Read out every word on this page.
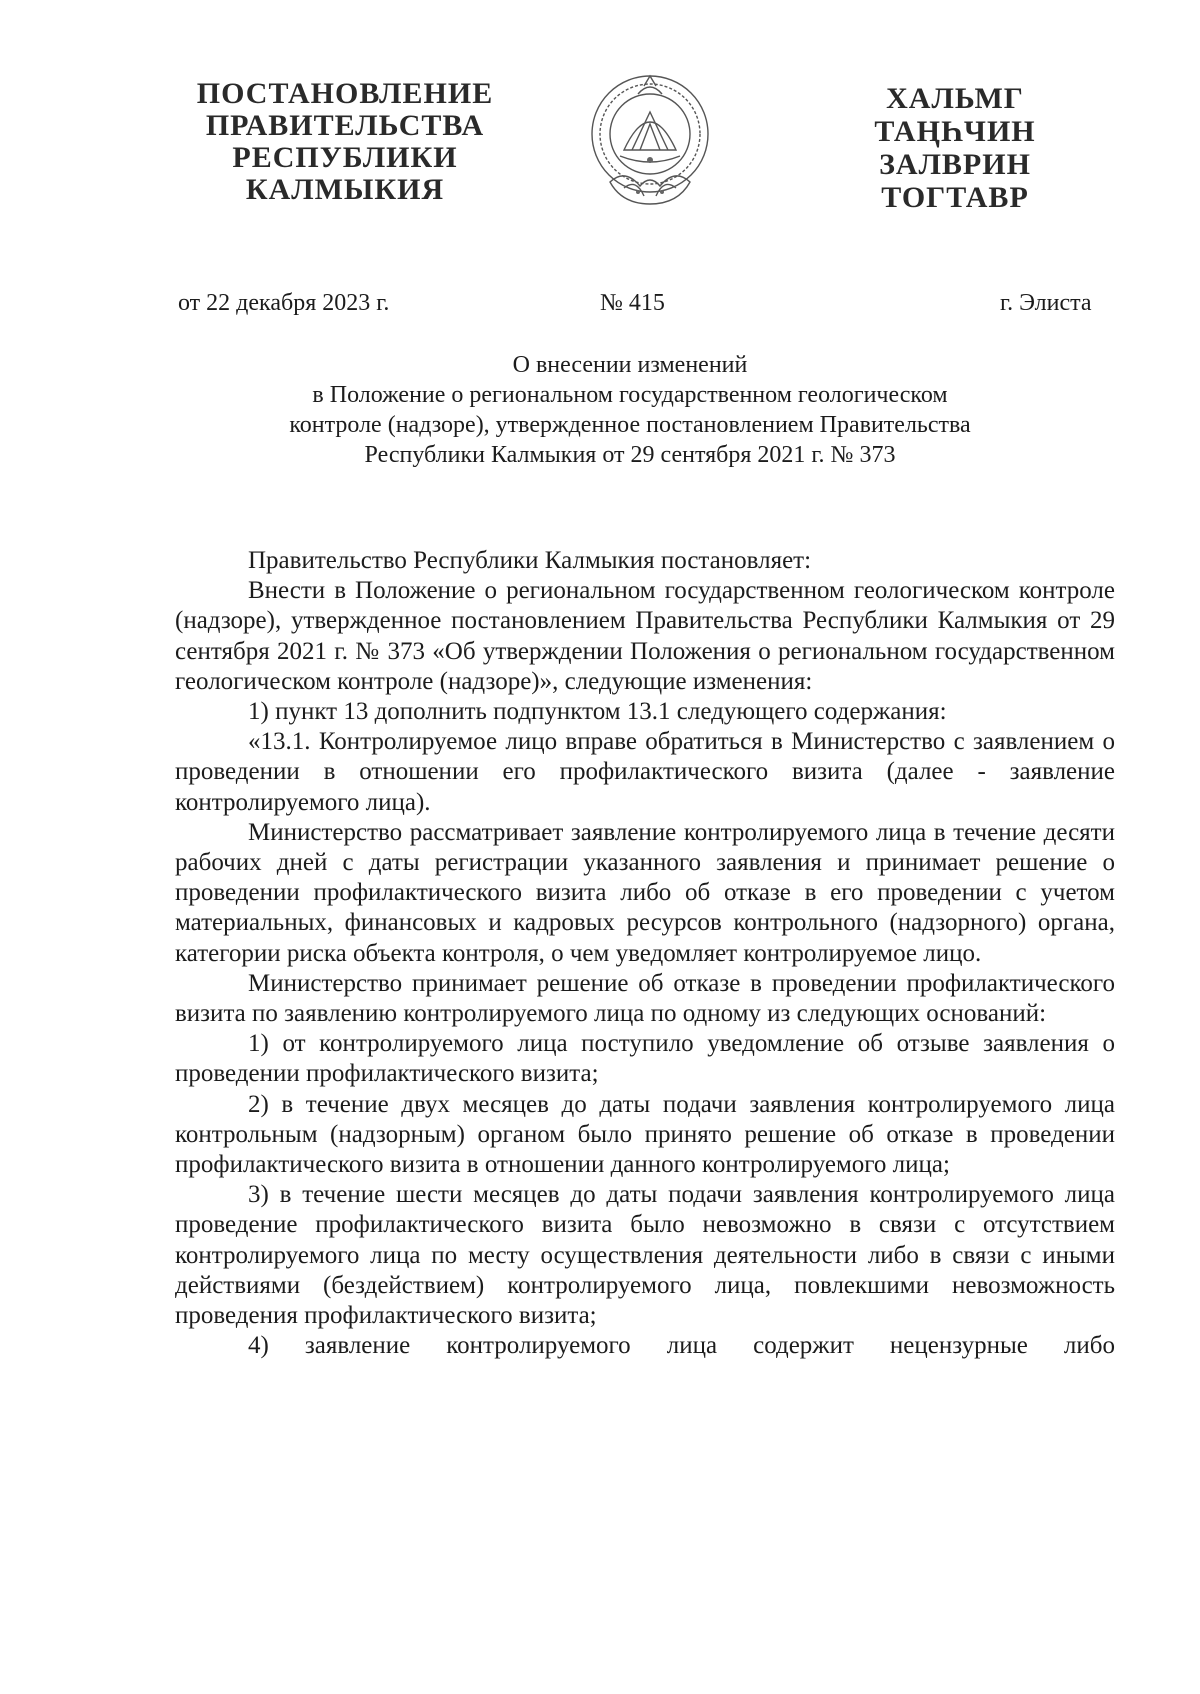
ПОСТАНОВЛЕНИЕ
ПРАВИТЕЛЬСТВА
РЕСПУБЛИКИ
КАЛМЫКИЯ
ХАЛЬМГ
ТАҢҺЧИН
ЗАЛВРИН
ТОГТАВР
от 22 декабря 2023 г.	№ 415	г. Элиста
О внесении изменений
в Положение о региональном государственном геологическом
контроле (надзоре), утвержденное постановлением Правительства
Республики Калмыкия от 29 сентября 2021 г. № 373

Правительство Республики Калмыкия постановляет:

Внести в Положение о региональном государственном геологическом контроле (надзоре), утвержденное постановлением Правительства Республики Калмыкия от 29 сентября 2021 г. № 373 «Об утверждении Положения о региональном государственном геологическом контроле (надзоре)», следующие изменения:

1) пункт 13 дополнить подпунктом 13.1 следующего содержания:

«13.1. Контролируемое лицо вправе обратиться в Министерство с заявлением о проведении в отношении его профилактического визита (далее - заявление контролируемого лица).

Министерство рассматривает заявление контролируемого лица в течение десяти рабочих дней с даты регистрации указанного заявления и принимает решение о проведении профилактического визита либо об отказе в его проведении с учетом материальных, финансовых и кадровых ресурсов контрольного (надзорного) органа, категории риска объекта контроля, о чем уведомляет контролируемое лицо.

Министерство принимает решение об отказе в проведении профилактического визита по заявлению контролируемого лица по одному из следующих оснований:

1) от контролируемого лица поступило уведомление об отзыве заявления о проведении профилактического визита;

2) в течение двух месяцев до даты подачи заявления контролируемого лица контрольным (надзорным) органом было принято решение об отказе в проведении профилактического визита в отношении данного контролируемого лица;

3) в течение шести месяцев до даты подачи заявления контролируемого лица проведение профилактического визита было невозможно в связи с отсутствием контролируемого лица по месту осуществления деятельности либо в связи с иными действиями (бездействием) контролируемого лица, повлекшими невозможность проведения профилактического визита;

4) заявление контролируемого лица содержит нецензурные либо
